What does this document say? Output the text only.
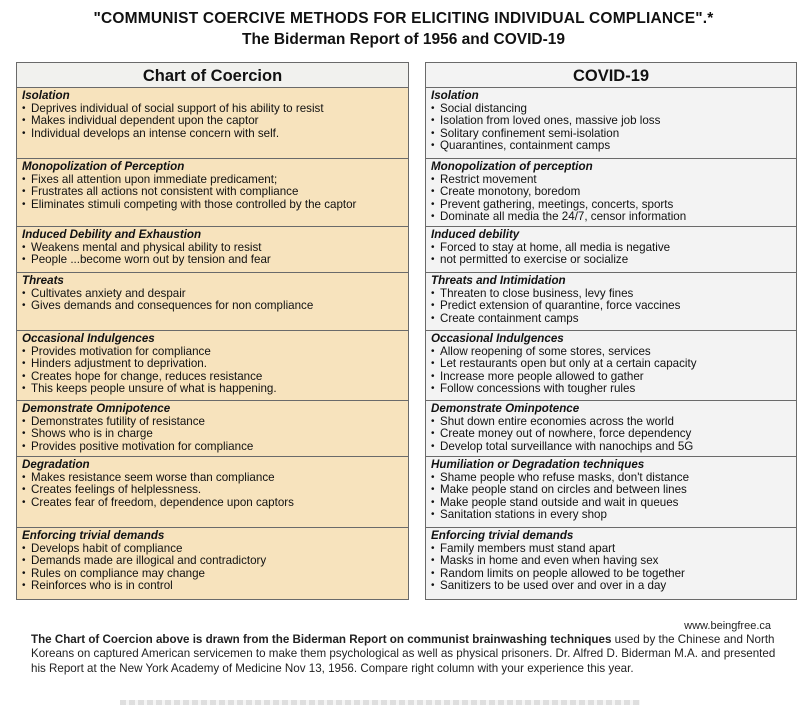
"COMMUNIST COERCIVE METHODS FOR ELICITING INDIVIDUAL COMPLIANCE".*
The Biderman Report of 1956 and COVID-19
Chart of Coercion
Isolation
• Deprives individual of social support of his ability to resist
• Makes individual dependent upon the captor
• Individual develops an intense concern with self.
Monopolization of Perception
• Fixes all attention upon immediate predicament;
• Frustrates all actions not consistent with compliance
• Eliminates stimuli competing with those controlled by the captor
Induced Debility and Exhaustion
• Weakens mental and physical ability to resist
• People ...become worn out by tension and fear
Threats
• Cultivates anxiety and despair
• Gives demands and consequences for non compliance
Occasional Indulgences
• Provides motivation for compliance
• Hinders adjustment to deprivation.
• Creates hope for change, reduces resistance
• This keeps people unsure of what is happening.
Demonstrate Omnipotence
• Demonstrates futility of resistance
• Shows who is in charge
• Provides positive motivation for compliance
Degradation
• Makes resistance seem worse than compliance
• Creates feelings of helplessness.
• Creates fear of freedom, dependence upon captors
Enforcing trivial demands
• Develops habit of compliance
• Demands made are illogical and contradictory
• Rules on compliance may change
• Reinforces who is in control
COVID-19
Isolation
• Social distancing
• Isolation from loved ones, massive job loss
• Solitary confinement semi-isolation
• Quarantines, containment camps
Monopolization of perception
• Restrict movement
• Create monotony, boredom
• Prevent gathering, meetings, concerts, sports
• Dominate all media the 24/7, censor information
Induced debility
• Forced to stay at home, all media is negative
• not permitted to exercise or socialize
Threats and Intimidation
• Threaten to close business, levy fines
• Predict extension of quarantine, force vaccines
• Create containment camps
Occasional Indulgences
• Allow reopening of some stores, services
• Let restaurants open but only at a certain capacity
• Increase more people allowed to gather
• Follow concessions with tougher rules
Demonstrate Ominpotence
• Shut down entire economies across the world
• Create money out of nowhere, force dependency
• Develop total surveillance with nanochips and 5G
Humiliation or Degradation techniques
• Shame people who refuse masks, don't distance
• Make people stand on circles and between lines
• Make people stand outside and wait in queues
• Sanitation stations in every shop
Enforcing trivial demands
• Family members must stand apart
• Masks in home and even when having sex
• Random limits on people allowed to be together
• Sanitizers to be used over and over in a day
www.beingfree.ca
The Chart of Coercion above is drawn from the Biderman Report on communist brainwashing techniques used by the Chinese and North Koreans on captured American servicemen to make them psychological as well as physical prisoners. Dr. Alfred D. Biderman M.A. and presented his Report at the New York Academy of Medicine Nov 13, 1956. Compare right column with your experience this year.
